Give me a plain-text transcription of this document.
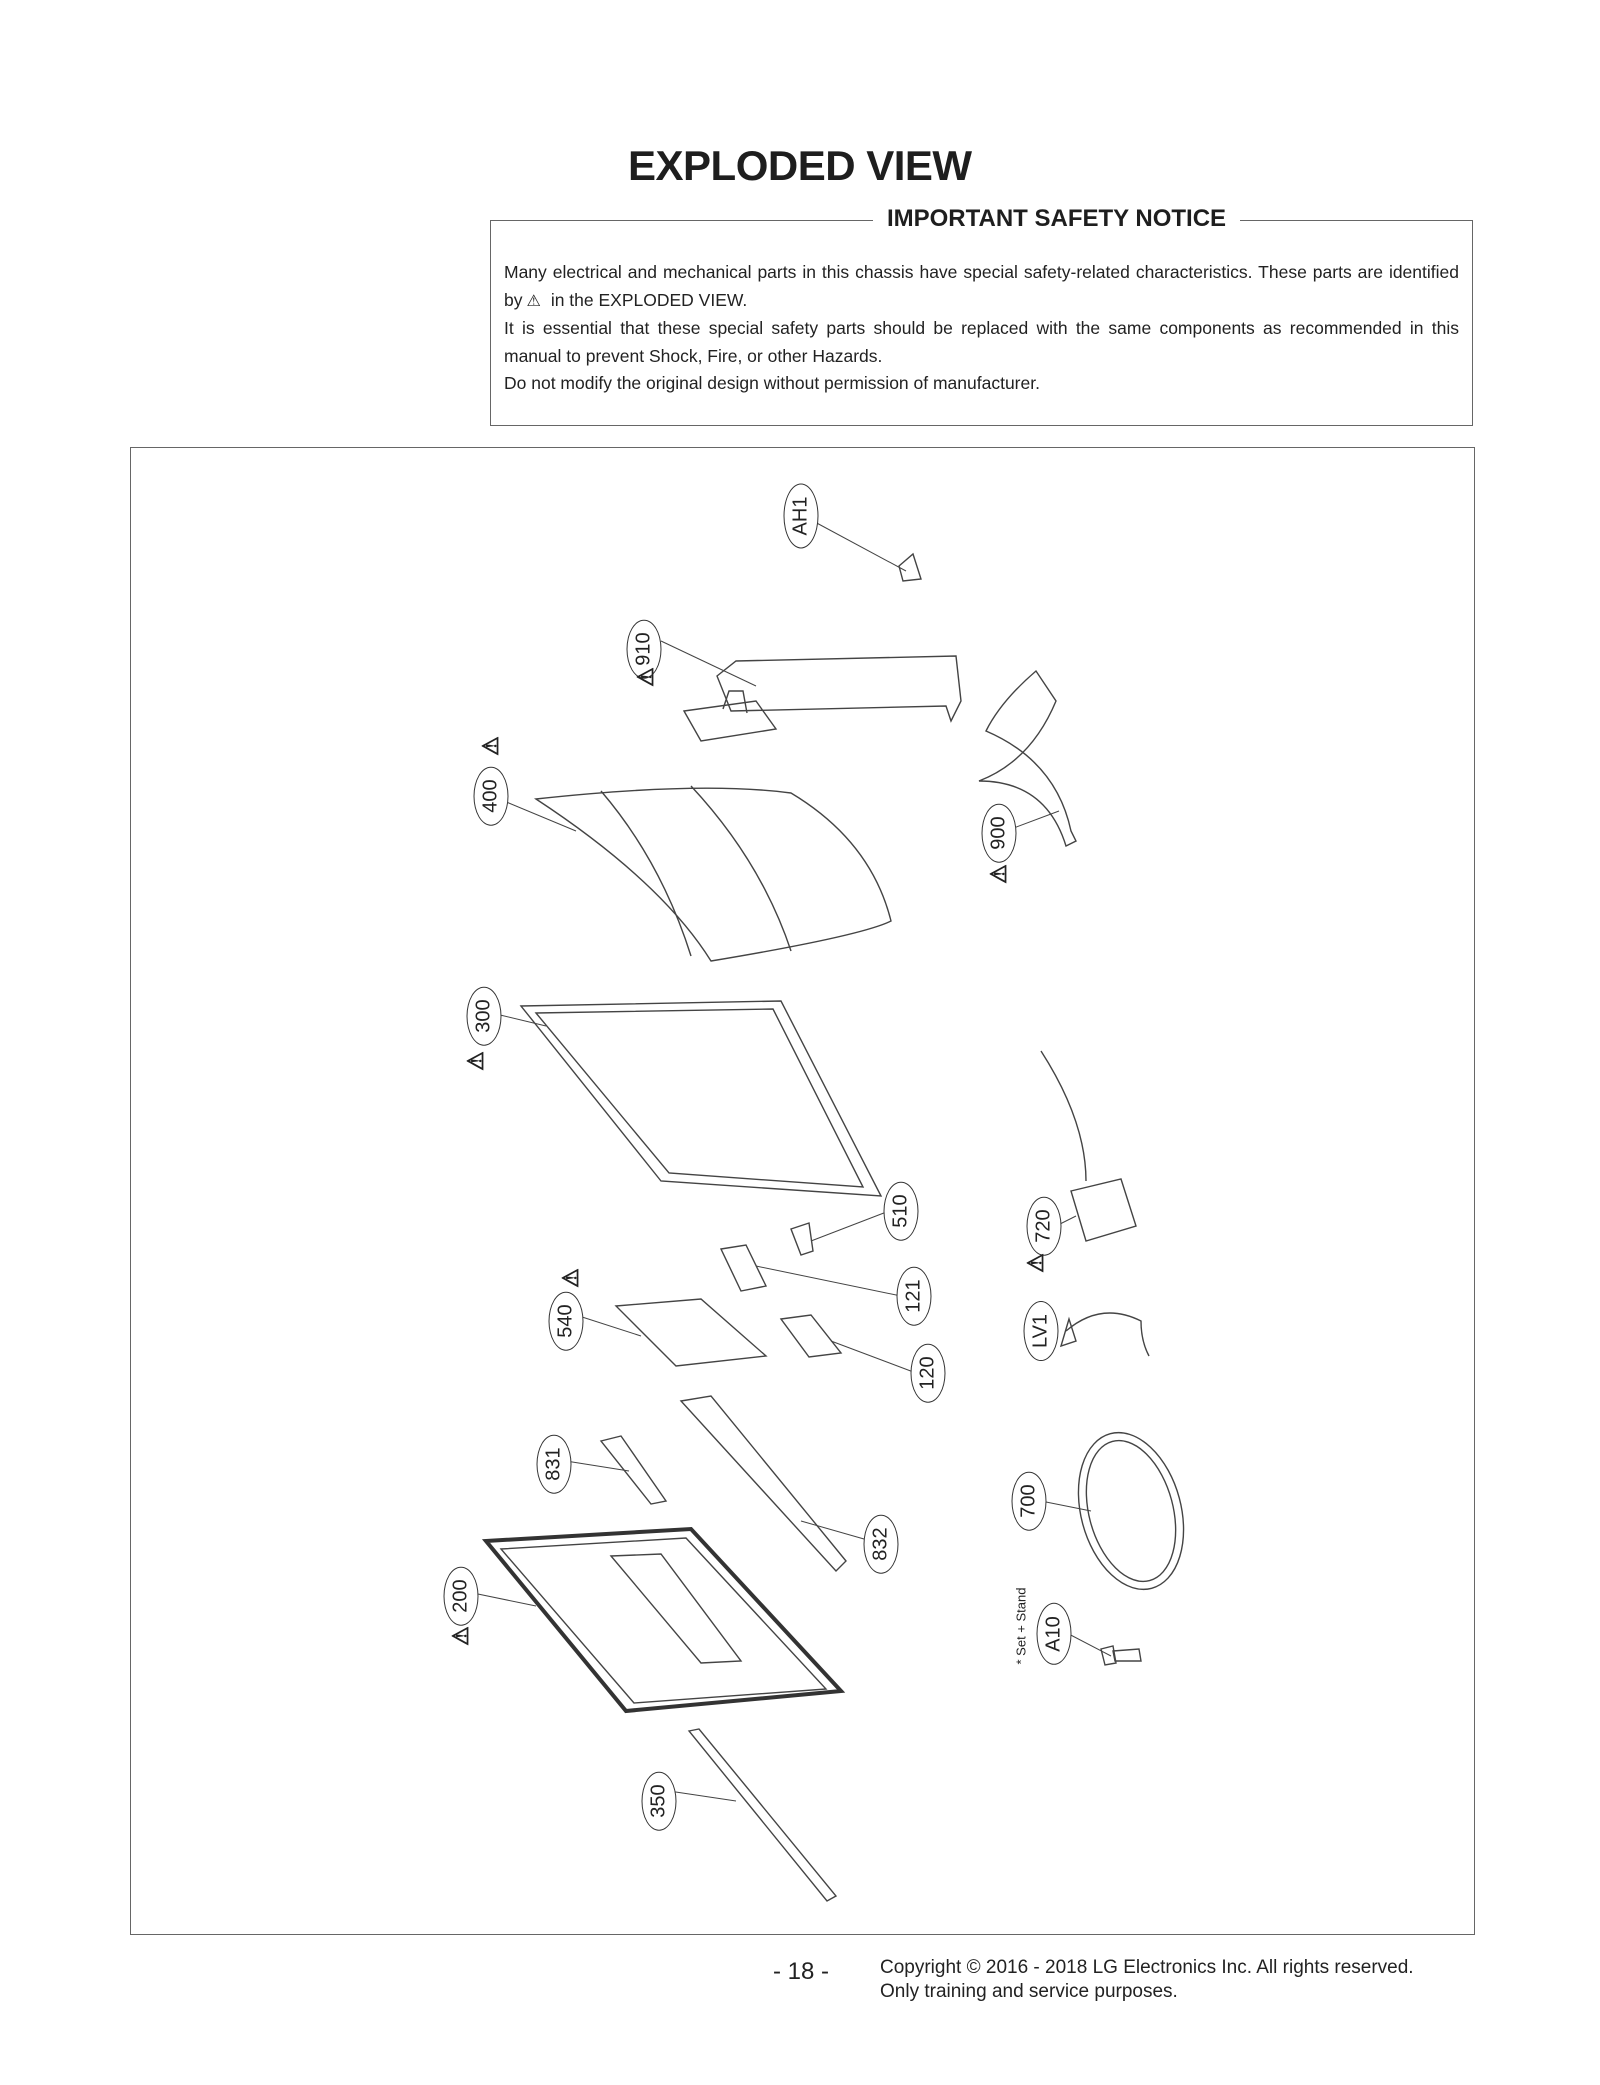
EXPLODED VIEW
IMPORTANT SAFETY NOTICE

Many electrical and mechanical parts in this chassis have special safety-related characteristics. These parts are identified by ⚠ in the EXPLODED VIEW.

It is essential that these special safety parts should be replaced with the same components as recommended in this manual to prevent Shock, Fire, or other Hazards.

Do not modify the original design without permission of manufacturer.

AH1
910
⚠
400
⚠
900
⚠
300
⚠
510	720
⚠
121
540
⚠
LV1
120
831
700
832
200
⚠	A10
* Set + Stand
350
- 18 -	Copyright © 2016 - 2018 LG Electronics Inc. All rights reserved.
Only training and service purposes.
